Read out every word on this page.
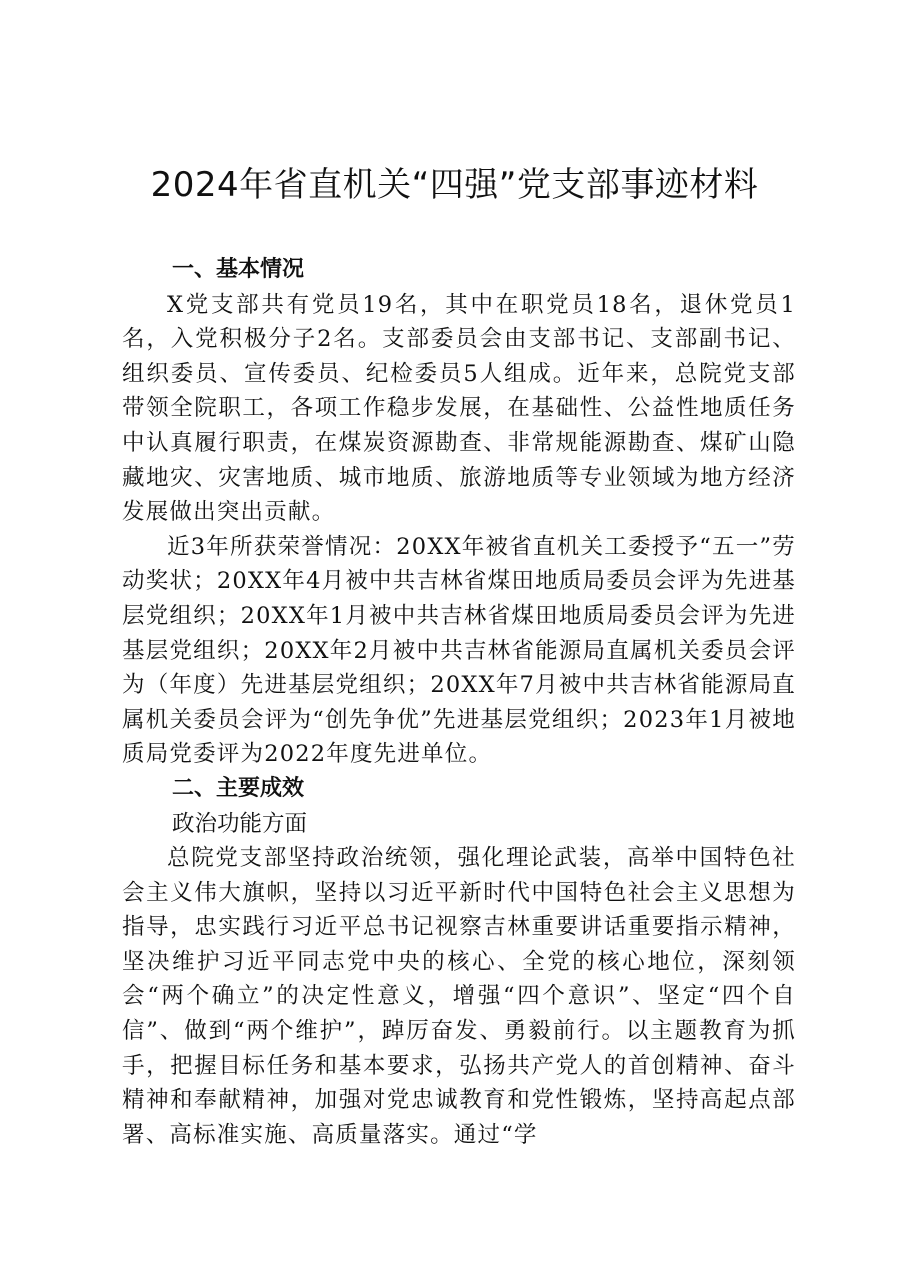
2024年省直机关“四强”党支部事迹材料

一、基本情况

X党支部共有党员19名，其中在职党员18名，退休党员1名，入党积极分子2名。支部委员会由支部书记、支部副书记、组织委员、宣传委员、纪检委员5人组成。近年来，总院党支部带领全院职工，各项工作稳步发展，在基础性、公益性地质任务中认真履行职责，在煤炭资源勘查、非常规能源勘查、煤矿山隐藏地灾、灾害地质、城市地质、旅游地质等专业领域为地方经济发展做出突出贡献。

近3年所获荣誉情况：20XX年被省直机关工委授予“五一”劳动奖状；20XX年4月被中共吉林省煤田地质局委员会评为先进基层党组织；20XX年1月被中共吉林省煤田地质局委员会评为先进基层党组织；20XX年2月被中共吉林省能源局直属机关委员会评为（年度）先进基层党组织；20XX年7月被中共吉林省能源局直属机关委员会评为“创先争优”先进基层党组织；2023年1月被地质局党委评为2022年度先进单位。

二、主要成效

政治功能方面

总院党支部坚持政治统领，强化理论武装，高举中国特色社会主义伟大旗帜，坚持以习近平新时代中国特色社会主义思想为指导，忠实践行习近平总书记视察吉林重要讲话重要指示精神，坚决维护习近平同志党中央的核心、全党的核心地位，深刻领会“两个确立”的决定性意义，增强“四个意识”、坚定“四个自信”、做到“两个维护”，踔厉奋发、勇毅前行。以主题教育为抓手，把握目标任务和基本要求，弘扬共产党人的首创精神、奋斗精神和奉献精神，加强对党忠诚教育和党性锻炼，坚持高起点部署、高标准实施、高质量落实。通过“学
